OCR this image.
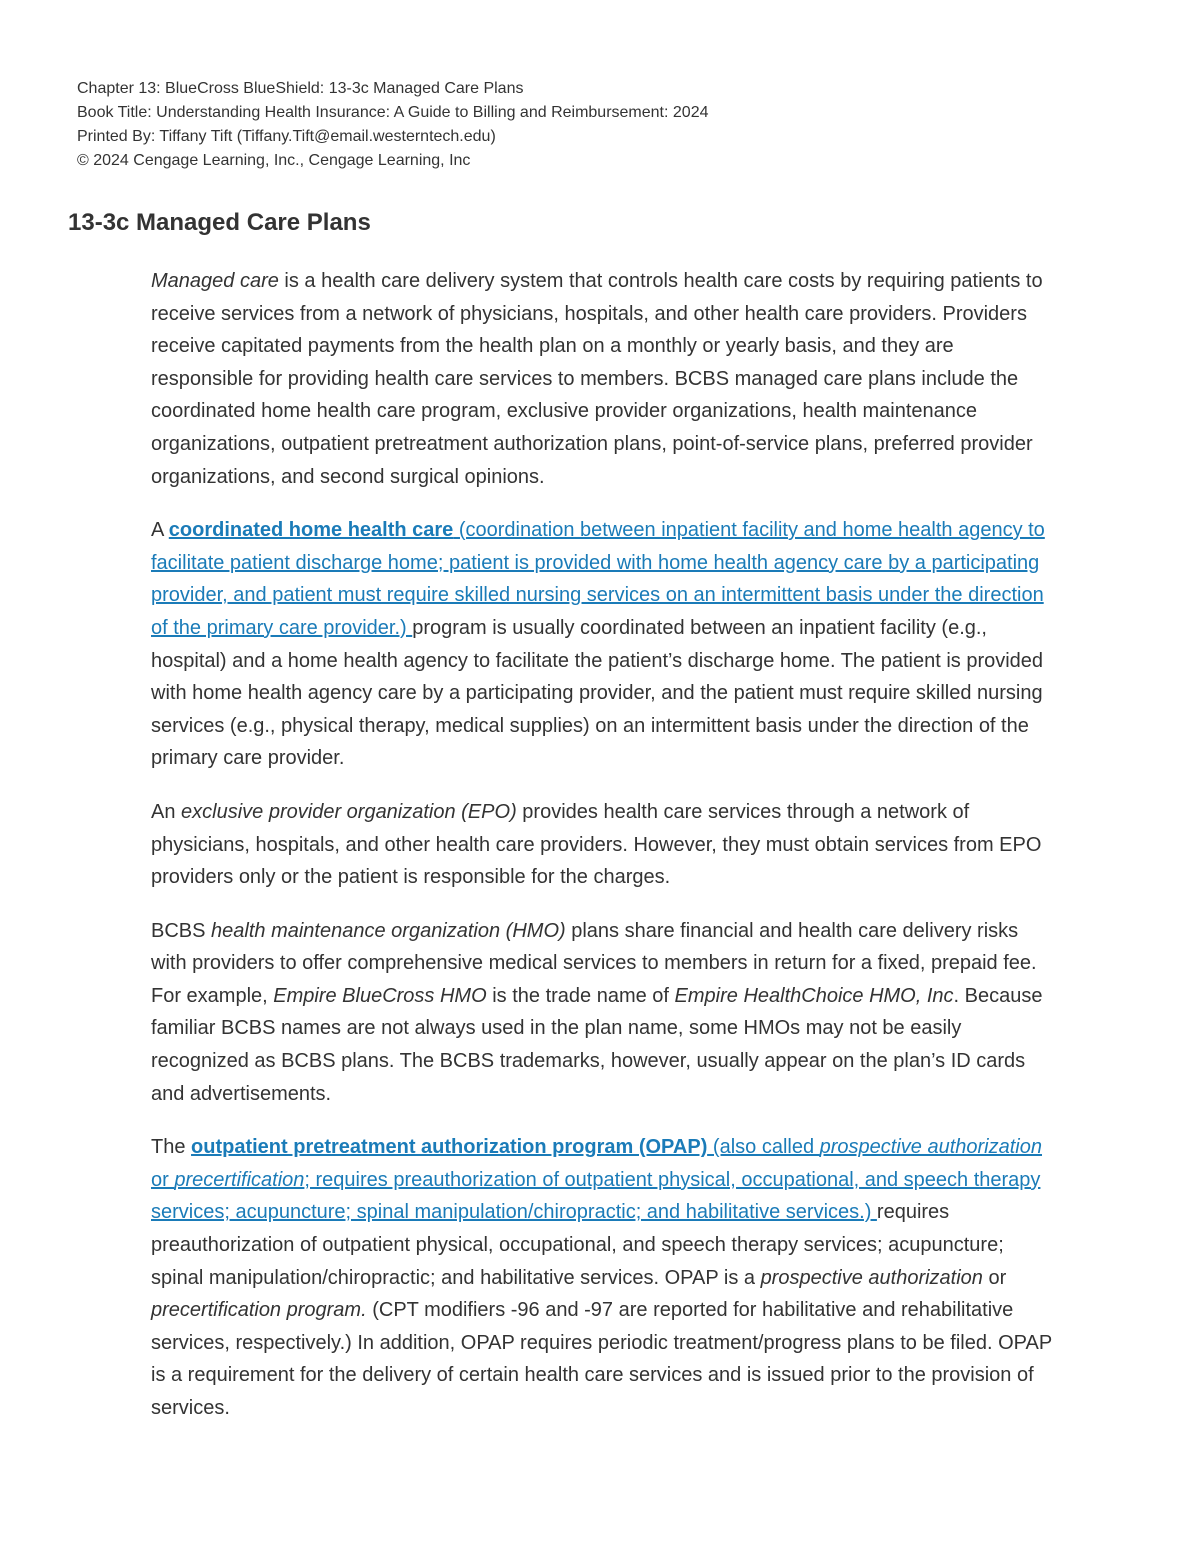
Chapter 13: BlueCross BlueShield: 13-3c Managed Care Plans
Book Title: Understanding Health Insurance: A Guide to Billing and Reimbursement: 2024
Printed By: Tiffany Tift (Tiffany.Tift@email.westerntech.edu)
© 2024 Cengage Learning, Inc., Cengage Learning, Inc
13-3c Managed Care Plans

Managed care is a health care delivery system that controls health care costs by requiring patients to receive services from a network of physicians, hospitals, and other health care providers. Providers receive capitated payments from the health plan on a monthly or yearly basis, and they are responsible for providing health care services to members. BCBS managed care plans include the coordinated home health care program, exclusive provider organizations, health maintenance organizations, outpatient pretreatment authorization plans, point-of-service plans, preferred provider organizations, and second surgical opinions.

A coordinated home health care (coordination between inpatient facility and home health agency to facilitate patient discharge home; patient is provided with home health agency care by a participating provider, and patient must require skilled nursing services on an intermittent basis under the direction of the primary care provider.) program is usually coordinated between an inpatient facility (e.g., hospital) and a home health agency to facilitate the patient’s discharge home. The patient is provided with home health agency care by a participating provider, and the patient must require skilled nursing services (e.g., physical therapy, medical supplies) on an intermittent basis under the direction of the primary care provider.

An exclusive provider organization (EPO) provides health care services through a network of physicians, hospitals, and other health care providers. However, they must obtain services from EPO providers only or the patient is responsible for the charges.

BCBS health maintenance organization (HMO) plans share financial and health care delivery risks with providers to offer comprehensive medical services to members in return for a fixed, prepaid fee. For example, Empire BlueCross HMO is the trade name of Empire HealthChoice HMO, Inc. Because familiar BCBS names are not always used in the plan name, some HMOs may not be easily recognized as BCBS plans. The BCBS trademarks, however, usually appear on the plan’s ID cards and advertisements.

The outpatient pretreatment authorization program (OPAP) (also called prospective authorization or precertification; requires preauthorization of outpatient physical, occupational, and speech therapy services; acupuncture; spinal manipulation/chiropractic; and habilitative services.) requires preauthorization of outpatient physical, occupational, and speech therapy services; acupuncture; spinal manipulation/chiropractic; and habilitative services. OPAP is a prospective authorization or precertification program. (CPT modifiers -96 and -97 are reported for habilitative and rehabilitative services, respectively.) In addition, OPAP requires periodic treatment/progress plans to be filed. OPAP is a requirement for the delivery of certain health care services and is issued prior to the provision of services.
